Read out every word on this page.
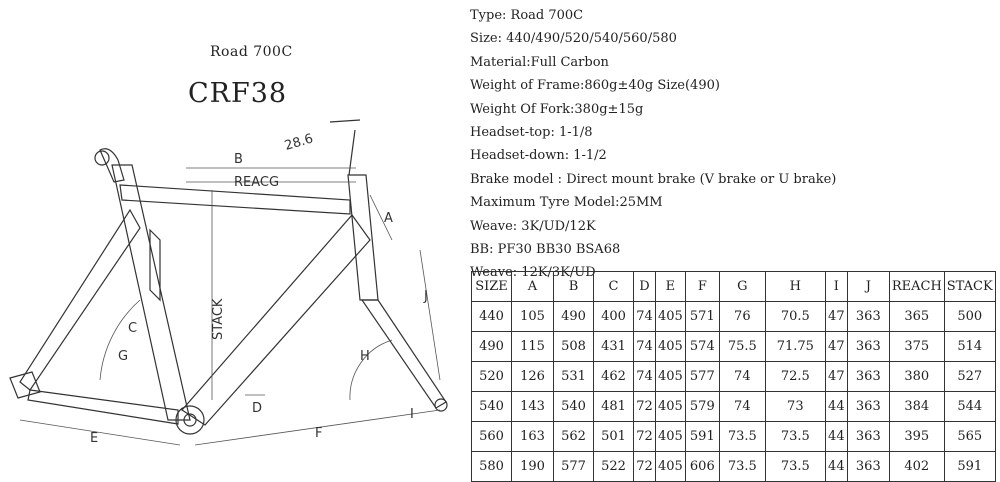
28.6
B
REACG
STACK
A
J
C
G	H
D
E	F
I
Road 700C
CRF38
Type: Road 700C
Size: 440/490/520/540/560/580
Material:Full Carbon
Weight of Frame:860g±40g Size(490)
Weight Of Fork:380g±15g
Headset-top: 1-1/8
Headset-down: 1-1/2
Brake model : Direct mount brake (V brake or U brake)
Maximum Tyre Model:25MM
Weave: 3K/UD/12K
BB: PF30 BB30 BSA68
Weave: 12K/3K/UD
SIZE	A	B	C	D	E	F	G	H	I	J	REACH	STACK
440	105	490	400	74	405	571	76	70.5	47	363	365	500
490	115	508	431	74	405	574	75.5	71.75	47	363	375	514
520	126	531	462	74	405	577	74	72.5	47	363	380	527
540	143	540	481	72	405	579	74	73	44	363	384	544
560	163	562	501	72	405	591	73.5	73.5	44	363	395	565
580	190	577	522	72	405	606	73.5	73.5	44	363	402	591
